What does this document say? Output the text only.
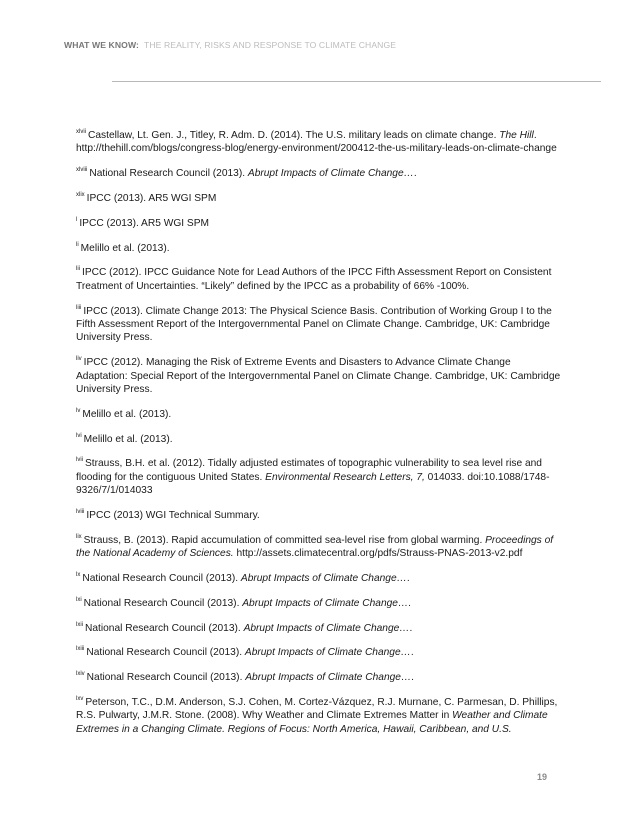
WHAT WE KNOW: THE REALITY, RISKS AND RESPONSE TO CLIMATE CHANGE

$^{xlvii}$ Castellaw, Lt. Gen. J., Titley, R. Adm. D. (2014). The U.S. military leads on climate change. The Hill. http://thehill.com/blogs/congress-blog/energy-environment/200412-the-us-military-leads-on-climate-change

$^{xlviii}$ National Research Council (2013). Abrupt Impacts of Climate Change….

$^{xlix}$ IPCC (2013). AR5 WGI SPM

$^l$ IPCC (2013). AR5 WGI SPM

$^{li}$ Melillo et al. (2013).

$^{lii}$ IPCC (2012). IPCC Guidance Note for Lead Authors of the IPCC Fifth Assessment Report on Consistent Treatment of Uncertainties. “Likely” defined by the IPCC as a probability of 66% -100%.

$^{liii}$ IPCC (2013). Climate Change 2013: The Physical Science Basis. Contribution of Working Group I to the Fifth Assessment Report of the Intergovernmental Panel on Climate Change. Cambridge, UK: Cambridge University Press.

$^{liv}$ IPCC (2012). Managing the Risk of Extreme Events and Disasters to Advance Climate Change Adaptation: Special Report of the Intergovernmental Panel on Climate Change. Cambridge, UK: Cambridge University Press.

$^{lv}$ Melillo et al. (2013).

$^{lvi}$ Melillo et al. (2013).

$^{lvii}$ Strauss, B.H. et al. (2012). Tidally adjusted estimates of topographic vulnerability to sea level rise and flooding for the contiguous United States. Environmental Research Letters, 7, 014033. doi:10.1088/1748-9326/7/1/014033

$^{lviii}$ IPCC (2013) WGI Technical Summary.

$^{lix}$ Strauss, B. (2013). Rapid accumulation of committed sea-level rise from global warming. Proceedings of the National Academy of Sciences. http://assets.climatecentral.org/pdfs/Strauss-PNAS-2013-v2.pdf

$^{lx}$ National Research Council (2013). Abrupt Impacts of Climate Change….

$^{lxi}$ National Research Council (2013). Abrupt Impacts of Climate Change….

$^{lxii}$ National Research Council (2013). Abrupt Impacts of Climate Change….

$^{lxiii}$ National Research Council (2013). Abrupt Impacts of Climate Change….

$^{lxiv}$ National Research Council (2013). Abrupt Impacts of Climate Change….

$^{lxv}$ Peterson, T.C., D.M. Anderson, S.J. Cohen, M. Cortez-Vázquez, R.J. Murnane, C. Parmesan, D. Phillips, R.S. Pulwarty, J.M.R. Stone. (2008). Why Weather and Climate Extremes Matter in Weather and Climate Extremes in a Changing Climate. Regions of Focus: North America, Hawaii, Caribbean, and U.S.

19
